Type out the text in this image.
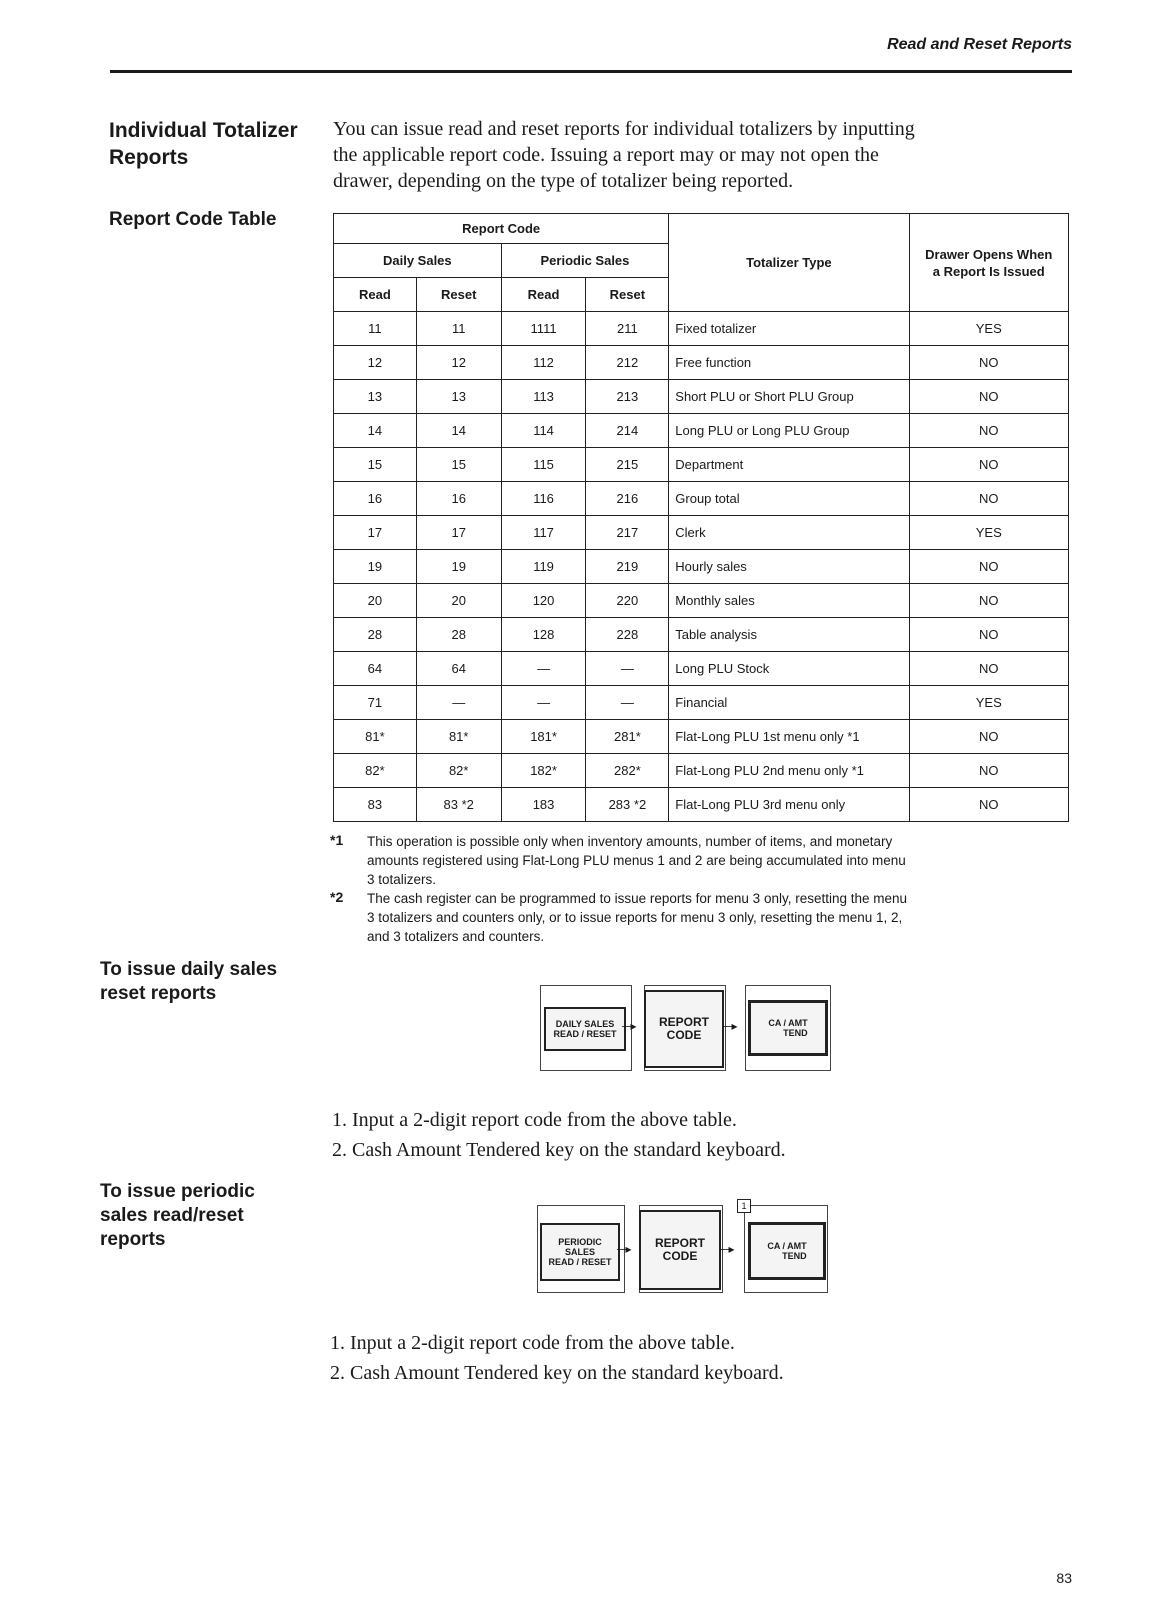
Read and Reset Reports
Individual Totalizer
Reports
You can issue read and reset reports for individual totalizers by inputting
the applicable report code. Issuing a report may or may not open the
drawer, depending on the type of totalizer being reported.
Report Code Table	Report Code				Totalizer Type	Drawer Opens When
a Report Is Issued

Daily Sales		Periodic Sales			
Read	Reset	Read	Reset		
11	11	1111	211	Fixed totalizer	YES
12	12	112	212	Free function	NO
13	13	113	213	Short PLU or Short PLU Group	NO
14	14	114	214	Long PLU or Long PLU Group	NO
15	15	115	215	Department	NO
16	16	116	216	Group total	NO
17	17	117	217	Clerk	YES
19	19	119	219	Hourly sales	NO
20	20	120	220	Monthly sales	NO
28	28	128	228	Table analysis	NO
64	64	—	—	Long PLU Stock	NO
71	—	—	—	Financial	YES
81*	81*	181*	281*	Flat-Long PLU 1st menu only *1	NO
82*	82*	182*	282*	Flat-Long PLU 2nd menu only *1	NO
83	83 *2	183	283 *2	Flat-Long PLU 3rd menu only	NO
*1	This operation is possible only when inventory amounts, number of items, and monetary
amounts registered using Flat-Long PLU menus 1 and 2 are being accumulated into menu
3 totalizers.
*2	The cash register can be programmed to issue reports for menu 3 only, resetting the menu
3 totalizers and counters only, or to issue reports for menu 3 only, resetting the menu 1, 2,
and 3 totalizers and counters.
To issue daily sales
reset reports
DAILY SALES
READ / RESET
─▸ REPORT
CODE
─▸	CA / AMT
TEND
1. Input a 2-digit report code from the above table.
2. Cash Amount Tendered key on the standard keyboard.
To issue periodic
sales read/reset
reports	PERIODIC
SALES
READ / RESET
─▸ REPORT
CODE	─▸
1
CA / AMT
TEND
1. Input a 2-digit report code from the above table.
2. Cash Amount Tendered key on the standard keyboard.
83
